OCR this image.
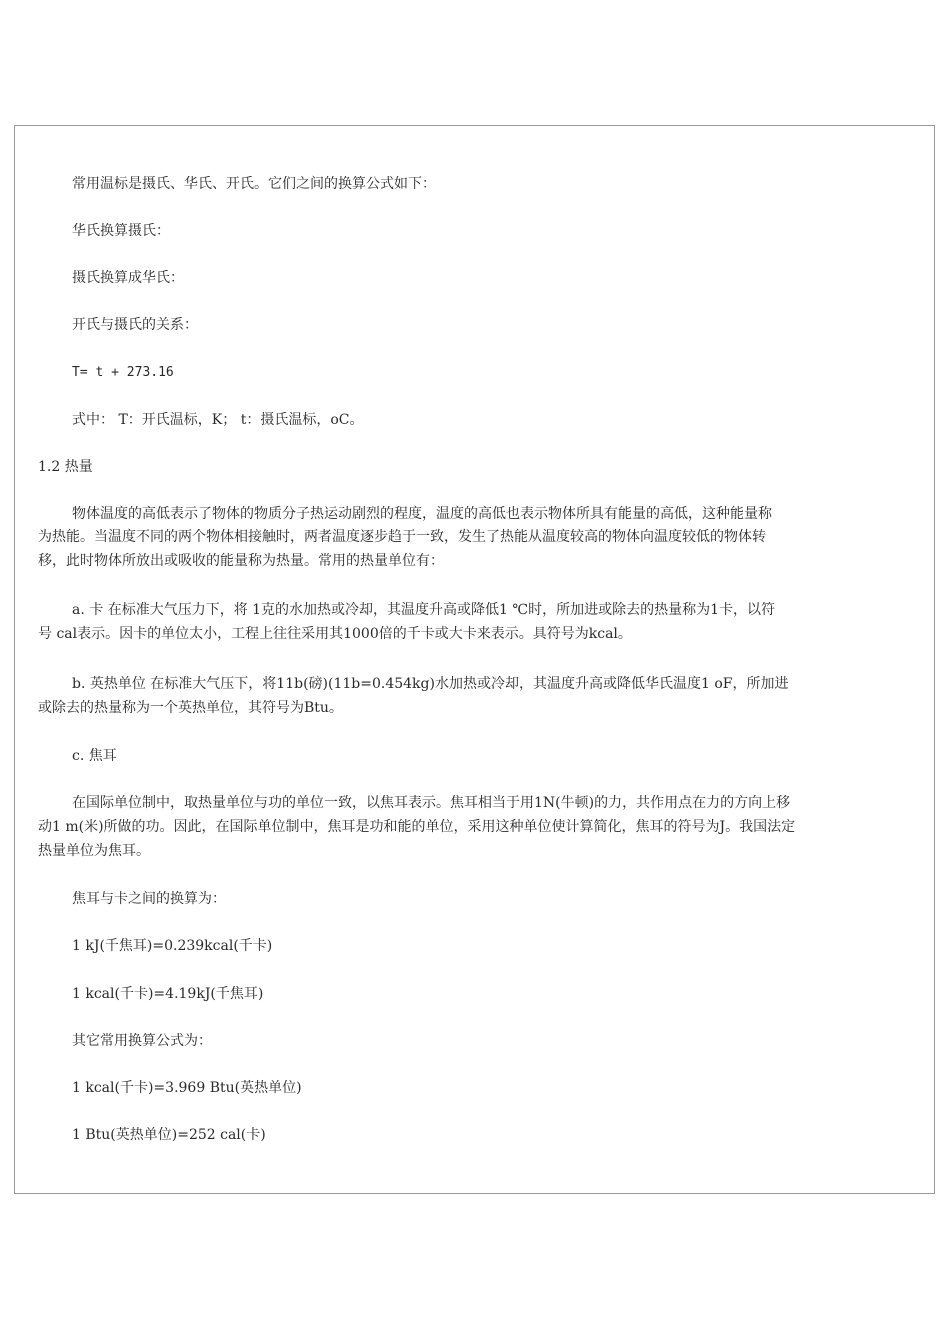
常用温标是摄氏、华氏、开氏。它们之间的换算公式如下：
华氏换算摄氏：
摄氏换算成华氏：
开氏与摄氏的关系：
T= t + 273.16
式中： T：开氏温标，K； t：摄氏温标，oC。
1.2 热量
物体温度的高低表示了物体的物质分子热运动剧烈的程度，温度的高低也表示物体所具有能量的高低，这种能量称
为热能。当温度不同的两个物体相接触时，两者温度逐步趋于一致，发生了热能从温度较高的物体向温度较低的物体转
移，此时物体所放出或吸收的能量称为热量。常用的热量单位有：
a. 卡 在标准大气压力下，将 1克的水加热或冷却，其温度升高或降低1 ℃时，所加进或除去的热量称为1卡，以符
号 cal表示。因卡的单位太小，工程上往往采用其1000倍的千卡或大卡来表示。具符号为kcal。
b. 英热单位 在标准大气压下，将11b(磅)(11b=0.454kg)水加热或冷却，其温度升高或降低华氏温度1 oF，所加进
或除去的热量称为一个英热单位，其符号为Btu。
c. 焦耳
在国际单位制中，取热量单位与功的单位一致，以焦耳表示。焦耳相当于用1N(牛顿)的力，共作用点在力的方向上移
动1 m(米)所做的功。因此，在国际单位制中，焦耳是功和能的单位，采用这种单位使计算简化，焦耳的符号为J。我国法定
热量单位为焦耳。
焦耳与卡之间的换算为：
1 kJ(千焦耳)=0.239kcal(千卡)
1 kcal(千卡)=4.19kJ(千焦耳)
其它常用换算公式为：
1 kcal(千卡)=3.969 Btu(英热单位)
1 Btu(英热单位)=252 cal(卡)
